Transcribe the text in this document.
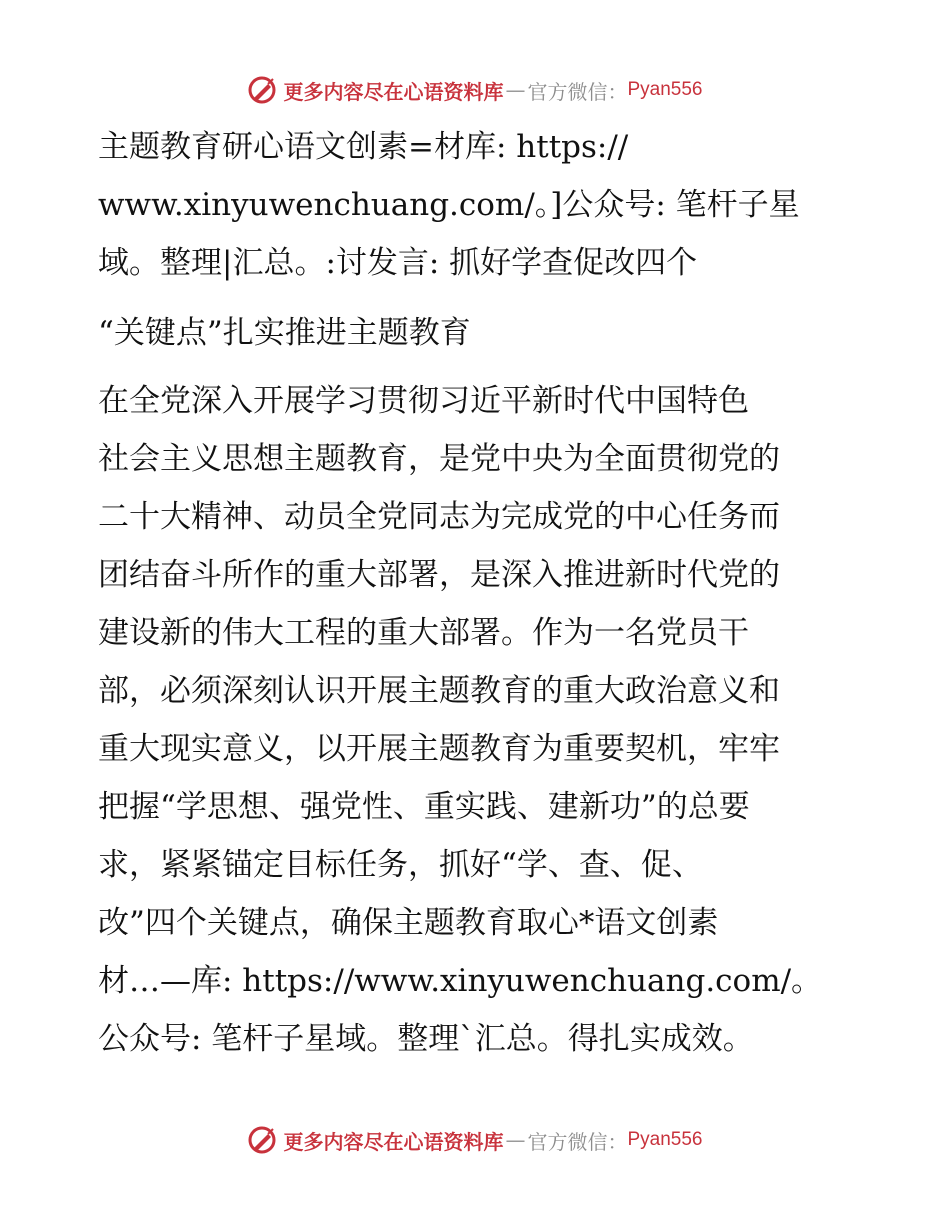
更多内容尽在心语资料库 — 官方微信： Pyan556
主题教育研心语文创素=材库: https://
www.xinyuwenchuang.com/。]公众号: 笔杆子星
域。整理|汇总。:讨发言: 抓好学查促改四个
“关键点”扎实推进主题教育
在全党深入开展学习贯彻习近平新时代中国特色
社会主义思想主题教育，是党中央为全面贯彻党的
二十大精神、动员全党同志为完成党的中心任务而
团结奋斗所作的重大部署，是深入推进新时代党的
建设新的伟大工程的重大部署。作为一名党员干
部，必须深刻认识开展主题教育的重大政治意义和
重大现实意义，以开展主题教育为重要契机，牢牢
把握“学思想、强党性、重实践、建新功”的总要
求，紧紧锚定目标任务，抓好“学、查、促、
改”四个关键点，确保主题教育取心*语文创素
材…—库: https://www.xinyuwenchuang.com/。
公众号: 笔杆子星域。整理`汇总。得扎实成效。
更多内容尽在心语资料库 — 官方微信： Pyan556
